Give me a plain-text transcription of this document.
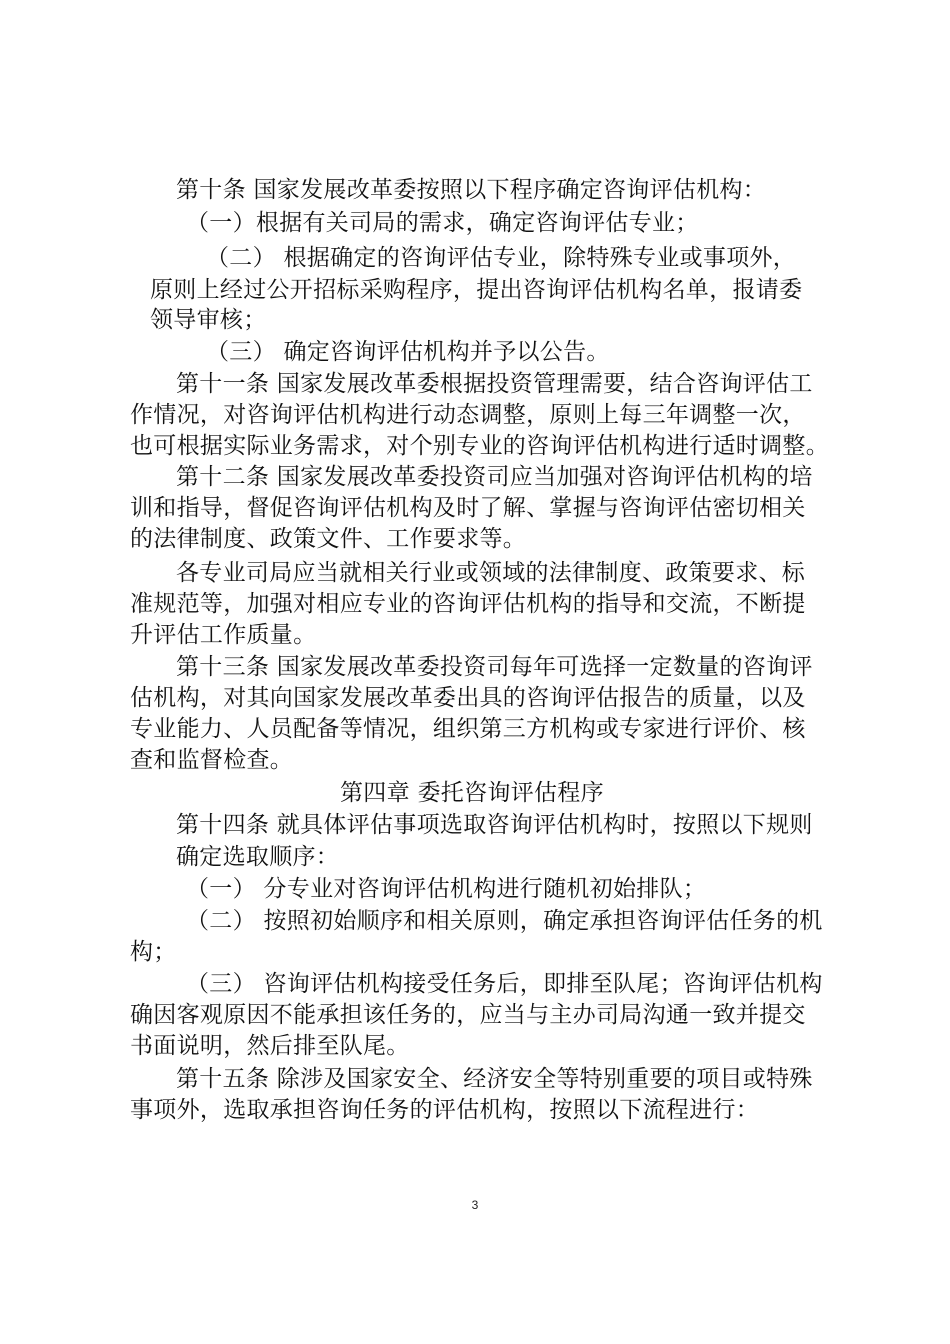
第十条 国家发展改革委按照以下程序确定咨询评估机构：
（一）根据有关司局的需求，确定咨询评估专业；
（二） 根据确定的咨询评估专业，除特殊专业或事项外，
原则上经过公开招标采购程序，提出咨询评估机构名单，报请委
领导审核；
（三） 确定咨询评估机构并予以公告。
第十一条 国家发展改革委根据投资管理需要，结合咨询评估工
作情况，对咨询评估机构进行动态调整，原则上每三年调整一次，
也可根据实际业务需求，对个别专业的咨询评估机构进行适时调整。
第十二条 国家发展改革委投资司应当加强对咨询评估机构的培
训和指导，督促咨询评估机构及时了解、掌握与咨询评估密切相关
的法律制度、政策文件、工作要求等。
各专业司局应当就相关行业或领域的法律制度、政策要求、标
准规范等，加强对相应专业的咨询评估机构的指导和交流，不断提
升评估工作质量。
第十三条 国家发展改革委投资司每年可选择一定数量的咨询评
估机构，对其向国家发展改革委出具的咨询评估报告的质量，以及
专业能力、人员配备等情况，组织第三方机构或专家进行评价、核
查和监督检查。
第四章 委托咨询评估程序
第十四条 就具体评估事项选取咨询评估机构时，按照以下规则
确定选取顺序：
（一） 分专业对咨询评估机构进行随机初始排队；
（二） 按照初始顺序和相关原则，确定承担咨询评估任务的机
构；
（三） 咨询评估机构接受任务后，即排至队尾；咨询评估机构
确因客观原因不能承担该任务的，应当与主办司局沟通一致并提交
书面说明，然后排至队尾。
第十五条 除涉及国家安全、经济安全等特别重要的项目或特殊
事项外，选取承担咨询任务的评估机构，按照以下流程进行：
3
